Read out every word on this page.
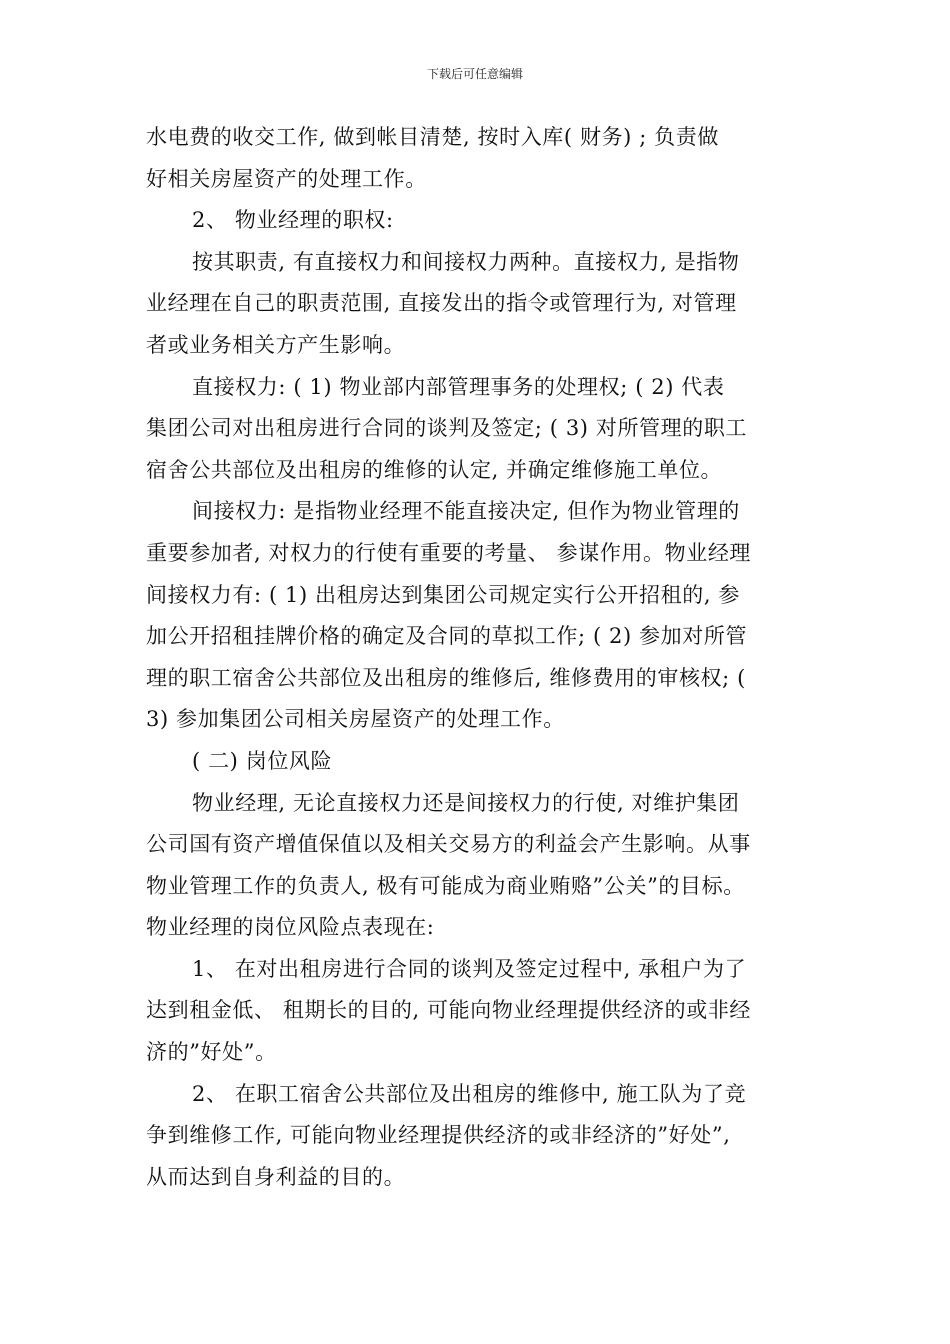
下载后可任意编辑
水电费的收交工作, 做到帐目清楚, 按时入库( 财务) ; 负责做
好相关房屋资产的处理工作。
2、 物业经理的职权:
按其职责, 有直接权力和间接权力两种。直接权力, 是指物
业经理在自己的职责范围, 直接发出的指令或管理行为, 对管理
者或业务相关方产生影响。
直接权力: ( 1) 物业部内部管理事务的处理权; ( 2) 代表
集团公司对出租房进行合同的谈判及签定; ( 3) 对所管理的职工
宿舍公共部位及出租房的维修的认定, 并确定维修施工单位。
间接权力: 是指物业经理不能直接决定, 但作为物业管理的
重要参加者, 对权力的行使有重要的考量、 参谋作用。物业经理
间接权力有: ( 1) 出租房达到集团公司规定实行公开招租的, 参
加公开招租挂牌价格的确定及合同的草拟工作; ( 2) 参加对所管
理的职工宿舍公共部位及出租房的维修后, 维修费用的审核权; (
3) 参加集团公司相关房屋资产的处理工作。
( 二) 岗位风险
物业经理, 无论直接权力还是间接权力的行使, 对维护集团
公司国有资产增值保值以及相关交易方的利益会产生影响。从事
物业管理工作的负责人, 极有可能成为商业贿赂”公关”的目标。
物业经理的岗位风险点表现在:
1、 在对出租房进行合同的谈判及签定过程中, 承租户为了
达到租金低、 租期长的目的, 可能向物业经理提供经济的或非经
济的”好处”。
2、 在职工宿舍公共部位及出租房的维修中, 施工队为了竞
争到维修工作, 可能向物业经理提供经济的或非经济的”好处”,
从而达到自身利益的目的。
